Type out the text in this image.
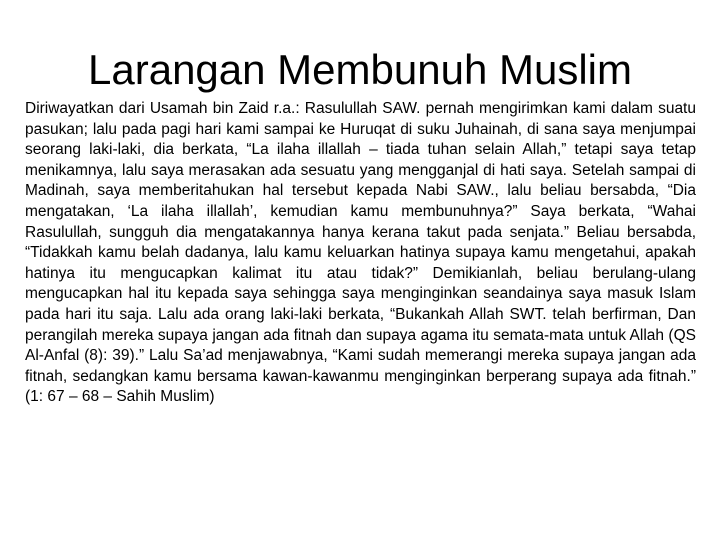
Larangan Membunuh Muslim

Diriwayatkan dari Usamah bin Zaid r.a.: Rasulullah SAW. pernah mengirimkan kami dalam suatu pasukan; lalu pada pagi hari kami sampai ke Huruqat di suku Juhainah, di sana saya menjumpai seorang laki-laki, dia berkata, “La ilaha illallah – tiada tuhan selain Allah,” tetapi saya tetap menikamnya, lalu saya merasakan ada sesuatu yang mengganjal di hati saya. Setelah sampai di Madinah, saya memberitahukan hal tersebut kepada Nabi SAW., lalu beliau bersabda, “Dia mengatakan, ‘La ilaha illallah’, kemudian kamu membunuhnya?” Saya berkata, “Wahai Rasulullah, sungguh dia mengatakannya hanya kerana takut pada senjata.” Beliau bersabda, “Tidakkah kamu belah dadanya, lalu kamu keluarkan hatinya supaya kamu mengetahui, apakah hatinya itu mengucapkan kalimat itu atau tidak?” Demikianlah, beliau berulang-ulang mengucapkan hal itu kepada saya sehingga saya menginginkan seandainya saya masuk Islam pada hari itu saja. Lalu ada orang laki-laki berkata, “Bukankah Allah SWT. telah berfirman, Dan perangilah mereka supaya jangan ada fitnah dan supaya agama itu semata-mata untuk Allah (QS Al-Anfal (8): 39).” Lalu Sa’ad menjawabnya, “Kami sudah memerangi mereka supaya jangan ada fitnah, sedangkan kamu bersama kawan-kawanmu menginginkan berperang supaya ada fitnah.” (1: 67 – 68 – Sahih Muslim)
